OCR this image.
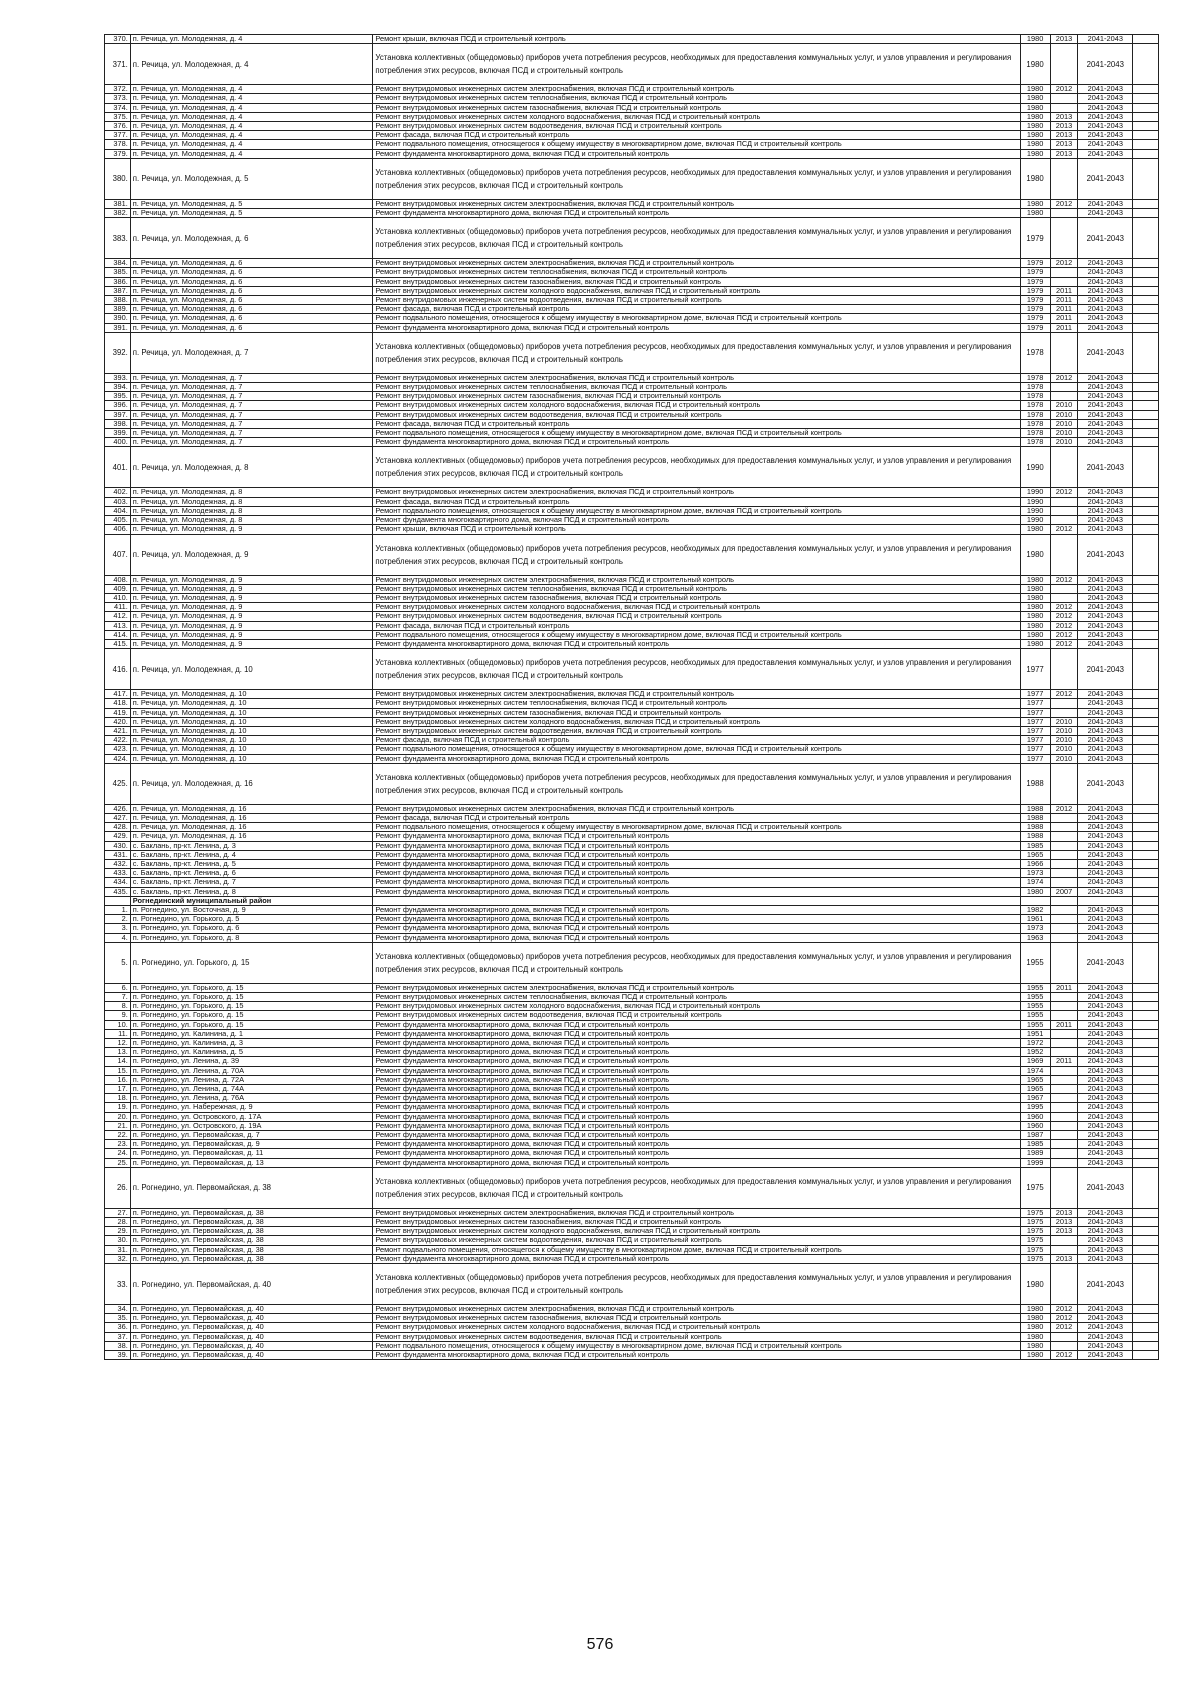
370.	п. Речица, ул. Молодежная, д. 4	Ремонт крыши, включая ПСД и строительный контроль	1980	2013	2041-2043	
371.	п. Речица, ул. Молодежная, д. 4	Установка коллективных (общедомовых) приборов учета потребления ресурсов, необходимых для предоставления коммунальных услуг, и узлов управления и регулирования потребления этих ресурсов, включая ПСД и строительный контроль	1980		2041-2043	
372.	п. Речица, ул. Молодежная, д. 4	Ремонт внутридомовых инженерных систем электроснабжения, включая ПСД и строительный контроль	1980	2012	2041-2043	
373.	п. Речица, ул. Молодежная, д. 4	Ремонт внутридомовых инженерных систем теплоснабжения, включая ПСД и строительный контроль	1980		2041-2043	
374.	п. Речица, ул. Молодежная, д. 4	Ремонт внутридомовых инженерных систем газоснабжения, включая ПСД и строительный контроль	1980		2041-2043	
375.	п. Речица, ул. Молодежная, д. 4	Ремонт внутридомовых инженерных систем холодного водоснабжения, включая ПСД и строительный контроль	1980	2013	2041-2043	
376.	п. Речица, ул. Молодежная, д. 4	Ремонт внутридомовых инженерных систем водоотведения, включая ПСД и строительный контроль	1980	2013	2041-2043	
377.	п. Речица, ул. Молодежная, д. 4	Ремонт фасада, включая ПСД и строительный контроль	1980	2013	2041-2043	
378.	п. Речица, ул. Молодежная, д. 4	Ремонт подвального помещения, относящегося к общему имуществу в многоквартирном доме, включая ПСД и строительный контроль	1980	2013	2041-2043	
379.	п. Речица, ул. Молодежная, д. 4	Ремонт фундамента многоквартирного дома, включая ПСД и строительный контроль	1980	2013	2041-2043	
380.	п. Речица, ул. Молодежная, д. 5	Установка коллективных (общедомовых) приборов учета потребления ресурсов, необходимых для предоставления коммунальных услуг, и узлов управления и регулирования потребления этих ресурсов, включая ПСД и строительный контроль	1980		2041-2043	
381.	п. Речица, ул. Молодежная, д. 5	Ремонт внутридомовых инженерных систем электроснабжения, включая ПСД и строительный контроль	1980	2012	2041-2043	
382.	п. Речица, ул. Молодежная, д. 5	Ремонт фундамента многоквартирного дома, включая ПСД и строительный контроль	1980		2041-2043	
383.	п. Речица, ул. Молодежная, д. 6	Установка коллективных (общедомовых) приборов учета потребления ресурсов, необходимых для предоставления коммунальных услуг, и узлов управления и регулирования потребления этих ресурсов, включая ПСД и строительный контроль	1979		2041-2043	
384.	п. Речица, ул. Молодежная, д. 6	Ремонт внутридомовых инженерных систем электроснабжения, включая ПСД и строительный контроль	1979	2012	2041-2043	
385.	п. Речица, ул. Молодежная, д. 6	Ремонт внутридомовых инженерных систем теплоснабжения, включая ПСД и строительный контроль	1979		2041-2043	
386.	п. Речица, ул. Молодежная, д. 6	Ремонт внутридомовых инженерных систем газоснабжения, включая ПСД и строительный контроль	1979		2041-2043	
387.	п. Речица, ул. Молодежная, д. 6	Ремонт внутридомовых инженерных систем холодного водоснабжения, включая ПСД и строительный контроль	1979	2011	2041-2043	
388.	п. Речица, ул. Молодежная, д. 6	Ремонт внутридомовых инженерных систем водоотведения, включая ПСД и строительный контроль	1979	2011	2041-2043	
389.	п. Речица, ул. Молодежная, д. 6	Ремонт фасада, включая ПСД и строительный контроль	1979	2011	2041-2043	
390.	п. Речица, ул. Молодежная, д. 6	Ремонт подвального помещения, относящегося к общему имуществу в многоквартирном доме, включая ПСД и строительный контроль	1979	2011	2041-2043	
391.	п. Речица, ул. Молодежная, д. 6	Ремонт фундамента многоквартирного дома, включая ПСД и строительный контроль	1979	2011	2041-2043	
392.	п. Речица, ул. Молодежная, д. 7	Установка коллективных (общедомовых) приборов учета потребления ресурсов, необходимых для предоставления коммунальных услуг, и узлов управления и регулирования потребления этих ресурсов, включая ПСД и строительный контроль	1978		2041-2043	
393.	п. Речица, ул. Молодежная, д. 7	Ремонт внутридомовых инженерных систем электроснабжения, включая ПСД и строительный контроль	1978	2012	2041-2043	
394.	п. Речица, ул. Молодежная, д. 7	Ремонт внутридомовых инженерных систем теплоснабжения, включая ПСД и строительный контроль	1978		2041-2043	
395.	п. Речица, ул. Молодежная, д. 7	Ремонт внутридомовых инженерных систем газоснабжения, включая ПСД и строительный контроль	1978		2041-2043	
396.	п. Речица, ул. Молодежная, д. 7	Ремонт внутридомовых инженерных систем холодного водоснабжения, включая ПСД и строительный контроль	1978	2010	2041-2043	
397.	п. Речица, ул. Молодежная, д. 7	Ремонт внутридомовых инженерных систем водоотведения, включая ПСД и строительный контроль	1978	2010	2041-2043	
398.	п. Речица, ул. Молодежная, д. 7	Ремонт фасада, включая ПСД и строительный контроль	1978	2010	2041-2043	
399.	п. Речица, ул. Молодежная, д. 7	Ремонт подвального помещения, относящегося к общему имуществу в многоквартирном доме, включая ПСД и строительный контроль	1978	2010	2041-2043	
400.	п. Речица, ул. Молодежная, д. 7	Ремонт фундамента многоквартирного дома, включая ПСД и строительный контроль	1978	2010	2041-2043	
401.	п. Речица, ул. Молодежная, д. 8	Установка коллективных (общедомовых) приборов учета потребления ресурсов, необходимых для предоставления коммунальных услуг, и узлов управления и регулирования потребления этих ресурсов, включая ПСД и строительный контроль	1990		2041-2043	
402.	п. Речица, ул. Молодежная, д. 8	Ремонт внутридомовых инженерных систем электроснабжения, включая ПСД и строительный контроль	1990	2012	2041-2043	
403.	п. Речица, ул. Молодежная, д. 8	Ремонт фасада, включая ПСД и строительный контроль	1990		2041-2043	
404.	п. Речица, ул. Молодежная, д. 8	Ремонт подвального помещения, относящегося к общему имуществу в многоквартирном доме, включая ПСД и строительный контроль	1990		2041-2043	
405.	п. Речица, ул. Молодежная, д. 8	Ремонт фундамента многоквартирного дома, включая ПСД и строительный контроль	1990		2041-2043	
406.	п. Речица, ул. Молодежная, д. 9	Ремонт крыши, включая ПСД и строительный контроль	1980	2012	2041-2043	
407.	п. Речица, ул. Молодежная, д. 9	Установка коллективных (общедомовых) приборов учета потребления ресурсов, необходимых для предоставления коммунальных услуг, и узлов управления и регулирования потребления этих ресурсов, включая ПСД и строительный контроль	1980		2041-2043	
408.	п. Речица, ул. Молодежная, д. 9	Ремонт внутридомовых инженерных систем электроснабжения, включая ПСД и строительный контроль	1980	2012	2041-2043	
409.	п. Речица, ул. Молодежная, д. 9	Ремонт внутридомовых инженерных систем теплоснабжения, включая ПСД и строительный контроль	1980		2041-2043	
410.	п. Речица, ул. Молодежная, д. 9	Ремонт внутридомовых инженерных систем газоснабжения, включая ПСД и строительный контроль	1980		2041-2043	
411.	п. Речица, ул. Молодежная, д. 9	Ремонт внутридомовых инженерных систем холодного водоснабжения, включая ПСД и строительный контроль	1980	2012	2041-2043	
412.	п. Речица, ул. Молодежная, д. 9	Ремонт внутридомовых инженерных систем водоотведения, включая ПСД и строительный контроль	1980	2012	2041-2043	
413.	п. Речица, ул. Молодежная, д. 9	Ремонт фасада, включая ПСД и строительный контроль	1980	2012	2041-2043	
414.	п. Речица, ул. Молодежная, д. 9	Ремонт подвального помещения, относящегося к общему имуществу в многоквартирном доме, включая ПСД и строительный контроль	1980	2012	2041-2043	
415.	п. Речица, ул. Молодежная, д. 9	Ремонт фундамента многоквартирного дома, включая ПСД и строительный контроль	1980	2012	2041-2043	
416.	п. Речица, ул. Молодежная, д. 10	Установка коллективных (общедомовых) приборов учета потребления ресурсов, необходимых для предоставления коммунальных услуг, и узлов управления и регулирования потребления этих ресурсов, включая ПСД и строительный контроль	1977		2041-2043	
417.	п. Речица, ул. Молодежная, д. 10	Ремонт внутридомовых инженерных систем электроснабжения, включая ПСД и строительный контроль	1977	2012	2041-2043	
418.	п. Речица, ул. Молодежная, д. 10	Ремонт внутридомовых инженерных систем теплоснабжения, включая ПСД и строительный контроль	1977		2041-2043	
419.	п. Речица, ул. Молодежная, д. 10	Ремонт внутридомовых инженерных систем газоснабжения, включая ПСД и строительный контроль	1977		2041-2043	
420.	п. Речица, ул. Молодежная, д. 10	Ремонт внутридомовых инженерных систем холодного водоснабжения, включая ПСД и строительный контроль	1977	2010	2041-2043	
421.	п. Речица, ул. Молодежная, д. 10	Ремонт внутридомовых инженерных систем водоотведения, включая ПСД и строительный контроль	1977	2010	2041-2043	
422.	п. Речица, ул. Молодежная, д. 10	Ремонт фасада, включая ПСД и строительный контроль	1977	2010	2041-2043	
423.	п. Речица, ул. Молодежная, д. 10	Ремонт подвального помещения, относящегося к общему имуществу в многоквартирном доме, включая ПСД и строительный контроль	1977	2010	2041-2043	
424.	п. Речица, ул. Молодежная, д. 10	Ремонт фундамента многоквартирного дома, включая ПСД и строительный контроль	1977	2010	2041-2043	
425.	п. Речица, ул. Молодежная, д. 16	Установка коллективных (общедомовых) приборов учета потребления ресурсов, необходимых для предоставления коммунальных услуг, и узлов управления и регулирования потребления этих ресурсов, включая ПСД и строительный контроль	1988		2041-2043	
426.	п. Речица, ул. Молодежная, д. 16	Ремонт внутридомовых инженерных систем электроснабжения, включая ПСД и строительный контроль	1988	2012	2041-2043	
427.	п. Речица, ул. Молодежная, д. 16	Ремонт фасада, включая ПСД и строительный контроль	1988		2041-2043	
428.	п. Речица, ул. Молодежная, д. 16	Ремонт подвального помещения, относящегося к общему имуществу в многоквартирном доме, включая ПСД и строительный контроль	1988		2041-2043	
429.	п. Речица, ул. Молодежная, д. 16	Ремонт фундамента многоквартирного дома, включая ПСД и строительный контроль	1988		2041-2043	
430.	с. Баклань, пр-кт. Ленина, д. 3	Ремонт фундамента многоквартирного дома, включая ПСД и строительный контроль	1985		2041-2043	
431.	с. Баклань, пр-кт. Ленина, д. 4	Ремонт фундамента многоквартирного дома, включая ПСД и строительный контроль	1965		2041-2043	
432.	с. Баклань, пр-кт. Ленина, д. 5	Ремонт фундамента многоквартирного дома, включая ПСД и строительный контроль	1966		2041-2043	
433.	с. Баклань, пр-кт. Ленина, д. 6	Ремонт фундамента многоквартирного дома, включая ПСД и строительный контроль	1973		2041-2043	
434.	с. Баклань, пр-кт. Ленина, д. 7	Ремонт фундамента многоквартирного дома, включая ПСД и строительный контроль	1974		2041-2043	
435.	с. Баклань, пр-кт. Ленина, д. 8	Ремонт фундамента многоквартирного дома, включая ПСД и строительный контроль	1980	2007	2041-2043	
	Рогнединский муниципальный район					
1.	п. Рогнедино, ул. Восточная, д. 9	Ремонт фундамента многоквартирного дома, включая ПСД и строительный контроль	1982		2041-2043	
2.	п. Рогнедино, ул. Горького, д. 5	Ремонт фундамента многоквартирного дома, включая ПСД и строительный контроль	1961		2041-2043	
3.	п. Рогнедино, ул. Горького, д. 6	Ремонт фундамента многоквартирного дома, включая ПСД и строительный контроль	1973		2041-2043	
4.	п. Рогнедино, ул. Горького, д. 8	Ремонт фундамента многоквартирного дома, включая ПСД и строительный контроль	1963		2041-2043	
5.	п. Рогнедино, ул. Горького, д. 15	Установка коллективных (общедомовых) приборов учета потребления ресурсов, необходимых для предоставления коммунальных услуг, и узлов управления и регулирования потребления этих ресурсов, включая ПСД и строительный контроль	1955		2041-2043	
6.	п. Рогнедино, ул. Горького, д. 15	Ремонт внутридомовых инженерных систем электроснабжения, включая ПСД и строительный контроль	1955	2011	2041-2043	
7.	п. Рогнедино, ул. Горького, д. 15	Ремонт внутридомовых инженерных систем теплоснабжения, включая ПСД и строительный контроль	1955		2041-2043	
8.	п. Рогнедино, ул. Горького, д. 15	Ремонт внутридомовых инженерных систем холодного водоснабжения, включая ПСД и строительный контроль	1955		2041-2043	
9.	п. Рогнедино, ул. Горького, д. 15	Ремонт внутридомовых инженерных систем водоотведения, включая ПСД и строительный контроль	1955		2041-2043	
10.	п. Рогнедино, ул. Горького, д. 15	Ремонт фундамента многоквартирного дома, включая ПСД и строительный контроль	1955	2011	2041-2043	
11.	п. Рогнедино, ул. Калинина, д. 1	Ремонт фундамента многоквартирного дома, включая ПСД и строительный контроль	1951		2041-2043	
12.	п. Рогнедино, ул. Калинина, д. 3	Ремонт фундамента многоквартирного дома, включая ПСД и строительный контроль	1972		2041-2043	
13.	п. Рогнедино, ул. Калинина, д. 5	Ремонт фундамента многоквартирного дома, включая ПСД и строительный контроль	1952		2041-2043	
14.	п. Рогнедино, ул. Ленина, д. 39	Ремонт фундамента многоквартирного дома, включая ПСД и строительный контроль	1969	2011	2041-2043	
15.	п. Рогнедино, ул. Ленина, д. 70А	Ремонт фундамента многоквартирного дома, включая ПСД и строительный контроль	1974		2041-2043	
16.	п. Рогнедино, ул. Ленина, д. 72А	Ремонт фундамента многоквартирного дома, включая ПСД и строительный контроль	1965		2041-2043	
17.	п. Рогнедино, ул. Ленина, д. 74А	Ремонт фундамента многоквартирного дома, включая ПСД и строительный контроль	1965		2041-2043	
18.	п. Рогнедино, ул. Ленина, д. 76А	Ремонт фундамента многоквартирного дома, включая ПСД и строительный контроль	1967		2041-2043	
19.	п. Рогнедино, ул. Набережная, д. 9	Ремонт фундамента многоквартирного дома, включая ПСД и строительный контроль	1995		2041-2043	
20.	п. Рогнедино, ул. Островского, д. 17А	Ремонт фундамента многоквартирного дома, включая ПСД и строительный контроль	1960		2041-2043	
21.	п. Рогнедино, ул. Островского, д. 19А	Ремонт фундамента многоквартирного дома, включая ПСД и строительный контроль	1960		2041-2043	
22.	п. Рогнедино, ул. Первомайская, д. 7	Ремонт фундамента многоквартирного дома, включая ПСД и строительный контроль	1987		2041-2043	
23.	п. Рогнедино, ул. Первомайская, д. 9	Ремонт фундамента многоквартирного дома, включая ПСД и строительный контроль	1985		2041-2043	
24.	п. Рогнедино, ул. Первомайская, д. 11	Ремонт фундамента многоквартирного дома, включая ПСД и строительный контроль	1989		2041-2043	
25.	п. Рогнедино, ул. Первомайская, д. 13	Ремонт фундамента многоквартирного дома, включая ПСД и строительный контроль	1999		2041-2043	
26.	п. Рогнедино, ул. Первомайская, д. 38	Установка коллективных (общедомовых) приборов учета потребления ресурсов, необходимых для предоставления коммунальных услуг, и узлов управления и регулирования потребления этих ресурсов, включая ПСД и строительный контроль	1975		2041-2043	
27.	п. Рогнедино, ул. Первомайская, д. 38	Ремонт внутридомовых инженерных систем электроснабжения, включая ПСД и строительный контроль	1975	2013	2041-2043	
28.	п. Рогнедино, ул. Первомайская, д. 38	Ремонт внутридомовых инженерных систем газоснабжения, включая ПСД и строительный контроль	1975	2013	2041-2043	
29.	п. Рогнедино, ул. Первомайская, д. 38	Ремонт внутридомовых инженерных систем холодного водоснабжения, включая ПСД и строительный контроль	1975	2013	2041-2043	
30.	п. Рогнедино, ул. Первомайская, д. 38	Ремонт внутридомовых инженерных систем водоотведения, включая ПСД и строительный контроль	1975		2041-2043	
31.	п. Рогнедино, ул. Первомайская, д. 38	Ремонт подвального помещения, относящегося к общему имуществу в многоквартирном доме, включая ПСД и строительный контроль	1975		2041-2043	
32.	п. Рогнедино, ул. Первомайская, д. 38	Ремонт фундамента многоквартирного дома, включая ПСД и строительный контроль	1975	2013	2041-2043	
33.	п. Рогнедино, ул. Первомайская, д. 40	Установка коллективных (общедомовых) приборов учета потребления ресурсов, необходимых для предоставления коммунальных услуг, и узлов управления и регулирования потребления этих ресурсов, включая ПСД и строительный контроль	1980		2041-2043	
34.	п. Рогнедино, ул. Первомайская, д. 40	Ремонт внутридомовых инженерных систем электроснабжения, включая ПСД и строительный контроль	1980	2012	2041-2043	
35.	п. Рогнедино, ул. Первомайская, д. 40	Ремонт внутридомовых инженерных систем газоснабжения, включая ПСД и строительный контроль	1980	2012	2041-2043	
36.	п. Рогнедино, ул. Первомайская, д. 40	Ремонт внутридомовых инженерных систем холодного водоснабжения, включая ПСД и строительный контроль	1980	2012	2041-2043	
37.	п. Рогнедино, ул. Первомайская, д. 40	Ремонт внутридомовых инженерных систем водоотведения, включая ПСД и строительный контроль	1980		2041-2043	
38.	п. Рогнедино, ул. Первомайская, д. 40	Ремонт подвального помещения, относящегося к общему имуществу в многоквартирном доме, включая ПСД и строительный контроль	1980		2041-2043	
39.	п. Рогнедино, ул. Первомайская, д. 40	Ремонт фундамента многоквартирного дома, включая ПСД и строительный контроль	1980	2012	2041-2043	
576
